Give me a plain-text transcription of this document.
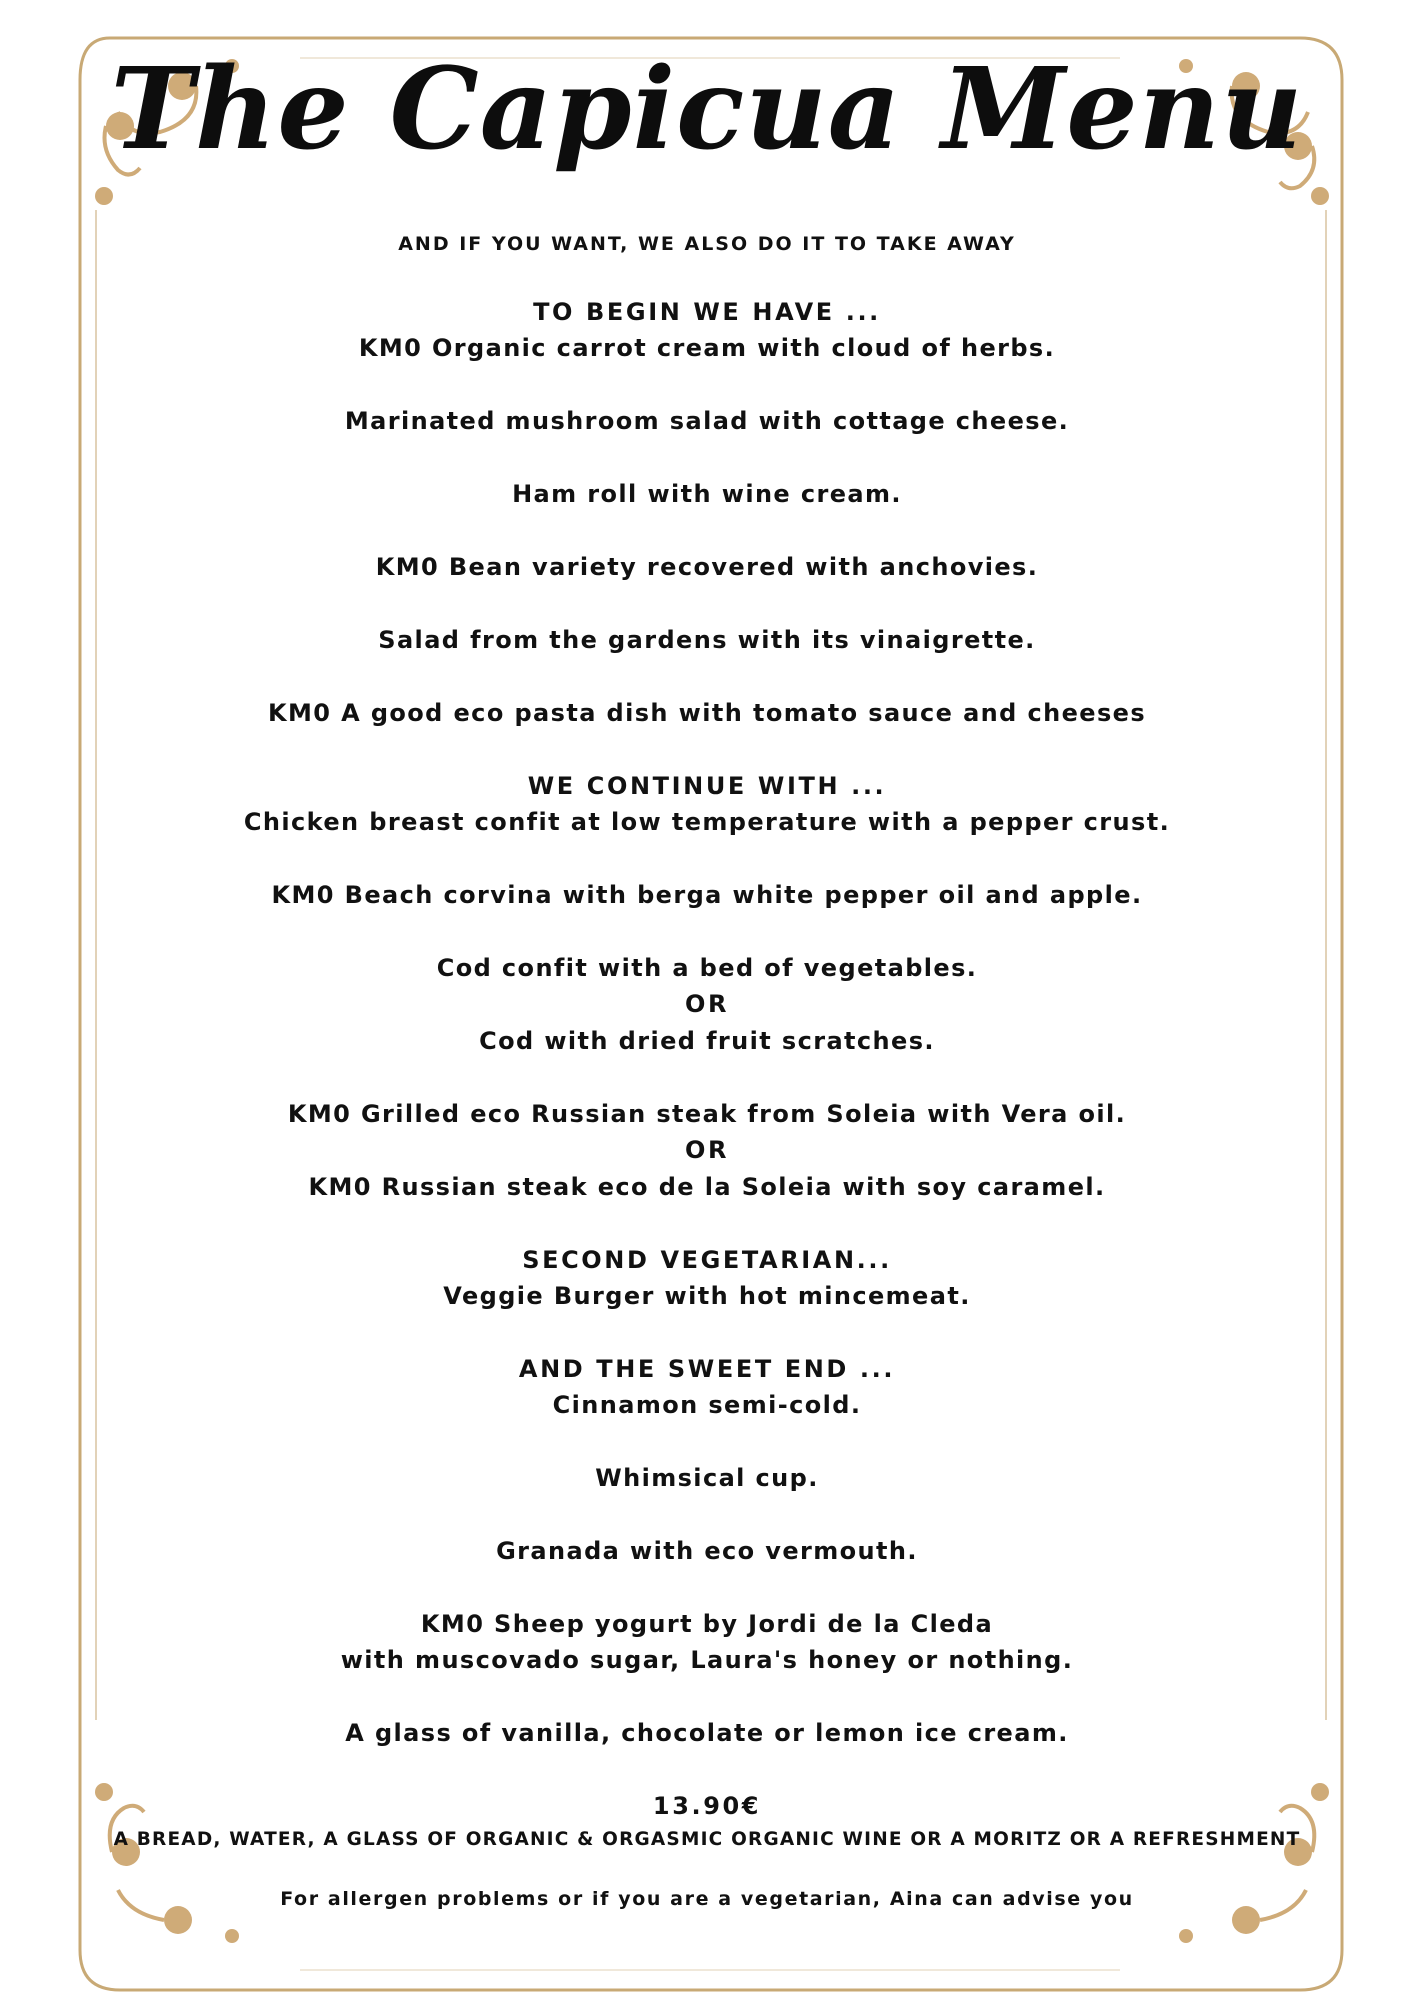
The Capicua Menu
AND IF YOU WANT, WE ALSO DO IT TO TAKE AWAY
TO BEGIN WE HAVE ...
KM0 Organic carrot cream with cloud of herbs.
Marinated mushroom salad with cottage cheese.
Ham roll with wine cream.
KM0 Bean variety recovered with anchovies.
Salad from the gardens with its vinaigrette.
KM0 A good eco pasta dish with tomato sauce and cheeses
WE CONTINUE WITH ...
Chicken breast confit at low temperature with a pepper crust.
KM0 Beach corvina with berga white pepper oil and apple.
Cod confit with a bed of vegetables.
OR
Cod with dried fruit scratches.
KM0 Grilled eco Russian steak from Soleia with Vera oil.
OR
KM0 Russian steak eco de la Soleia with soy caramel.
SECOND VEGETARIAN...
Veggie Burger with hot mincemeat.
AND THE SWEET END ...
Cinnamon semi-cold.
Whimsical cup.
Granada with eco vermouth.
KM0 Sheep yogurt by Jordi de la Cleda
with muscovado sugar, Laura's honey or nothing.
A glass of vanilla, chocolate or lemon ice cream.
13.90€
A BREAD, WATER, A GLASS OF ORGANIC & ORGASMIC ORGANIC WINE OR A MORITZ OR A REFRESHMENT
For allergen problems or if you are a vegetarian, Aina can advise you
